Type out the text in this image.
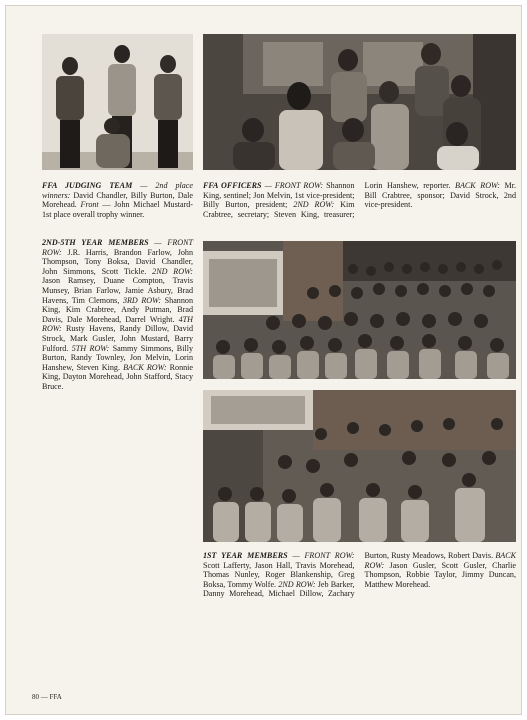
FFA JUDGING TEAM — 2nd place winners: David Chandler, Billy Burton, Dale Morehead. Front — John Michael Mustard-1st place overall trophy winner.
FFA OFFICERS — FRONT ROW: Shannon King, sentinel; Jon Melvin, 1st vice-president; Billy Burton, president; 2ND ROW: Kim Crabtree, secretary; Steven King, treasurer; Lorin Hanshew, reporter. BACK ROW: Mr. Bill Crabtree, sponsor; David Strock, 2nd vice-president.
2ND-5TH YEAR MEMBERS — FRONT ROW: J.R. Harris, Brandon Farlow, John Thompson, Tony Boksa, David Chandler, John Simmons, Scott Tickle. 2ND ROW: Jason Ramsey, Duane Compton, Travis Munsey, Brian Farlow, Jamie Asbury, Brad Havens, Tim Clemons, 3RD ROW: Shannon King, Kim Crabtree, Andy Putman, Brad Davis, Dale Morehead, Darrel Wright. 4TH ROW: Rusty Havens, Randy Dillow, David Strock, Mark Gusler, John Mustard, Barry Fulford. 5TH ROW: Sammy Simmons, Billy Burton, Randy Townley, Jon Melvin, Lorin Hanshew, Steven King. BACK ROW: Ronnie King, Dayton Morehead, John Stafford, Stacy Bruce.
1ST YEAR MEMBERS — FRONT ROW: Scott Lafferty, Jason Hall, Travis Morehead, Thomas Nunley, Roger Blankenship, Greg Boksa, Tommy Wolfe. 2ND ROW: Jeb Barker, Danny Morehead, Michael Dillow, Zachary Burton, Rusty Meadows, Robert Davis. BACK ROW: Jason Gusler, Scott Gusler, Charlie Thompson, Robbie Taylor, Jimmy Duncan, Matthew Morehead.
80 — FFA
